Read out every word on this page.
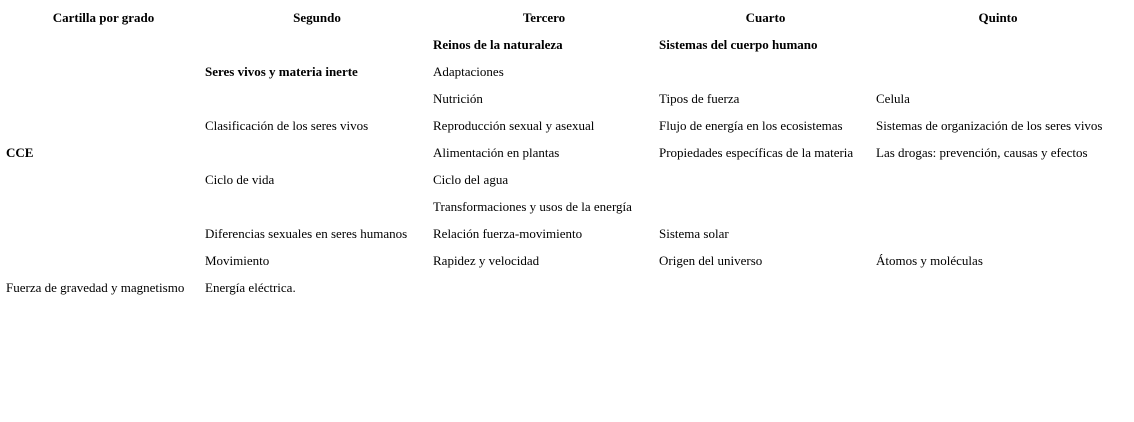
Cartilla por grado	Segundo	Tercero	Cuarto	Quinto
		Reinos de la naturaleza	Sistemas del cuerpo humano	
	Seres vivos y materia inerte	Adaptaciones		
		Nutrición	Tipos de fuerza	Celula
	Clasificación de los seres vivos	Reproducción sexual y asexual	Flujo de energía en los ecosistemas	Sistemas de organización de los seres vivos
CCE		Alimentación en plantas	Propiedades específicas de la materia	Las drogas: prevención, causas y efectos
	Ciclo de vida	Ciclo del agua		
		Transformaciones y usos de la energía		
	Diferencias sexuales en seres humanos	Relación fuerza-movimiento	Sistema solar	
	Movimiento	Rapidez y velocidad	Origen del universo	Átomos y moléculas
Fuerza de gravedad y magnetismo	Energía eléctrica.			
